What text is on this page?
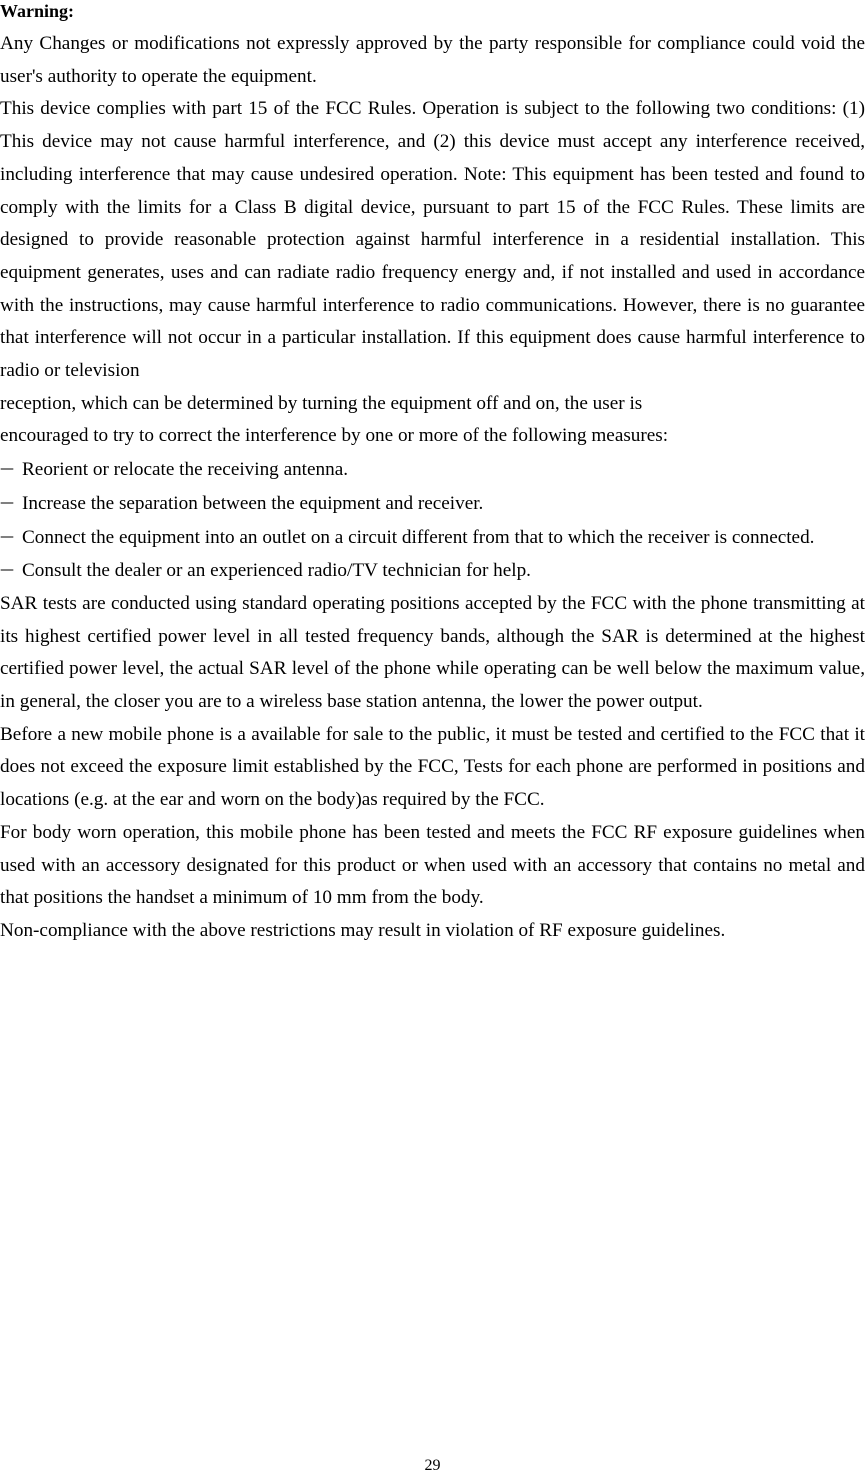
Warning:

Any Changes or modifications not expressly approved by the party responsible for compliance could void the user's authority to operate the equipment.

This device complies with part 15 of the FCC Rules. Operation is subject to the following two conditions: (1) This device may not cause harmful interference, and (2) this device must accept any interference received, including interference that may cause undesired operation. Note: This equipment has been tested and found to comply with the limits for a Class B digital device, pursuant to part 15 of the FCC Rules. These limits are designed to provide reasonable protection against harmful interference in a residential installation. This equipment generates, uses and can radiate radio frequency energy and, if not installed and used in accordance with the instructions, may cause harmful interference to radio communications. However, there is no guarantee that interference will not occur in a particular installation. If this equipment does cause harmful interference to radio or television

reception, which can be determined by turning the equipment off and on, the user is

encouraged to try to correct the interference by one or more of the following measures:

— Reorient or relocate the receiving antenna.

— Increase the separation between the equipment and receiver.

— Connect the equipment into an outlet on a circuit different from that to which the receiver is connected.

— Consult the dealer or an experienced radio/TV technician for help.

SAR tests are conducted using standard operating positions accepted by the FCC with the phone transmitting at its highest certified power level in all tested frequency bands, although the SAR is determined at the highest certified power level, the actual SAR level of the phone while operating can be well below the maximum value, in general, the closer you are to a wireless base station antenna, the lower the power output.

Before a new mobile phone is a available for sale to the public, it must be tested and certified to the FCC that it does not exceed the exposure limit established by the FCC, Tests for each phone are performed in positions and locations (e.g. at the ear and worn on the body)as required by the FCC.

For body worn operation, this mobile phone has been tested and meets the FCC RF exposure guidelines when used with an accessory designated for this product or when used with an accessory that contains no metal and that positions the handset a minimum of 10 mm from the body.

Non-compliance with the above restrictions may result in violation of RF exposure guidelines.

29
